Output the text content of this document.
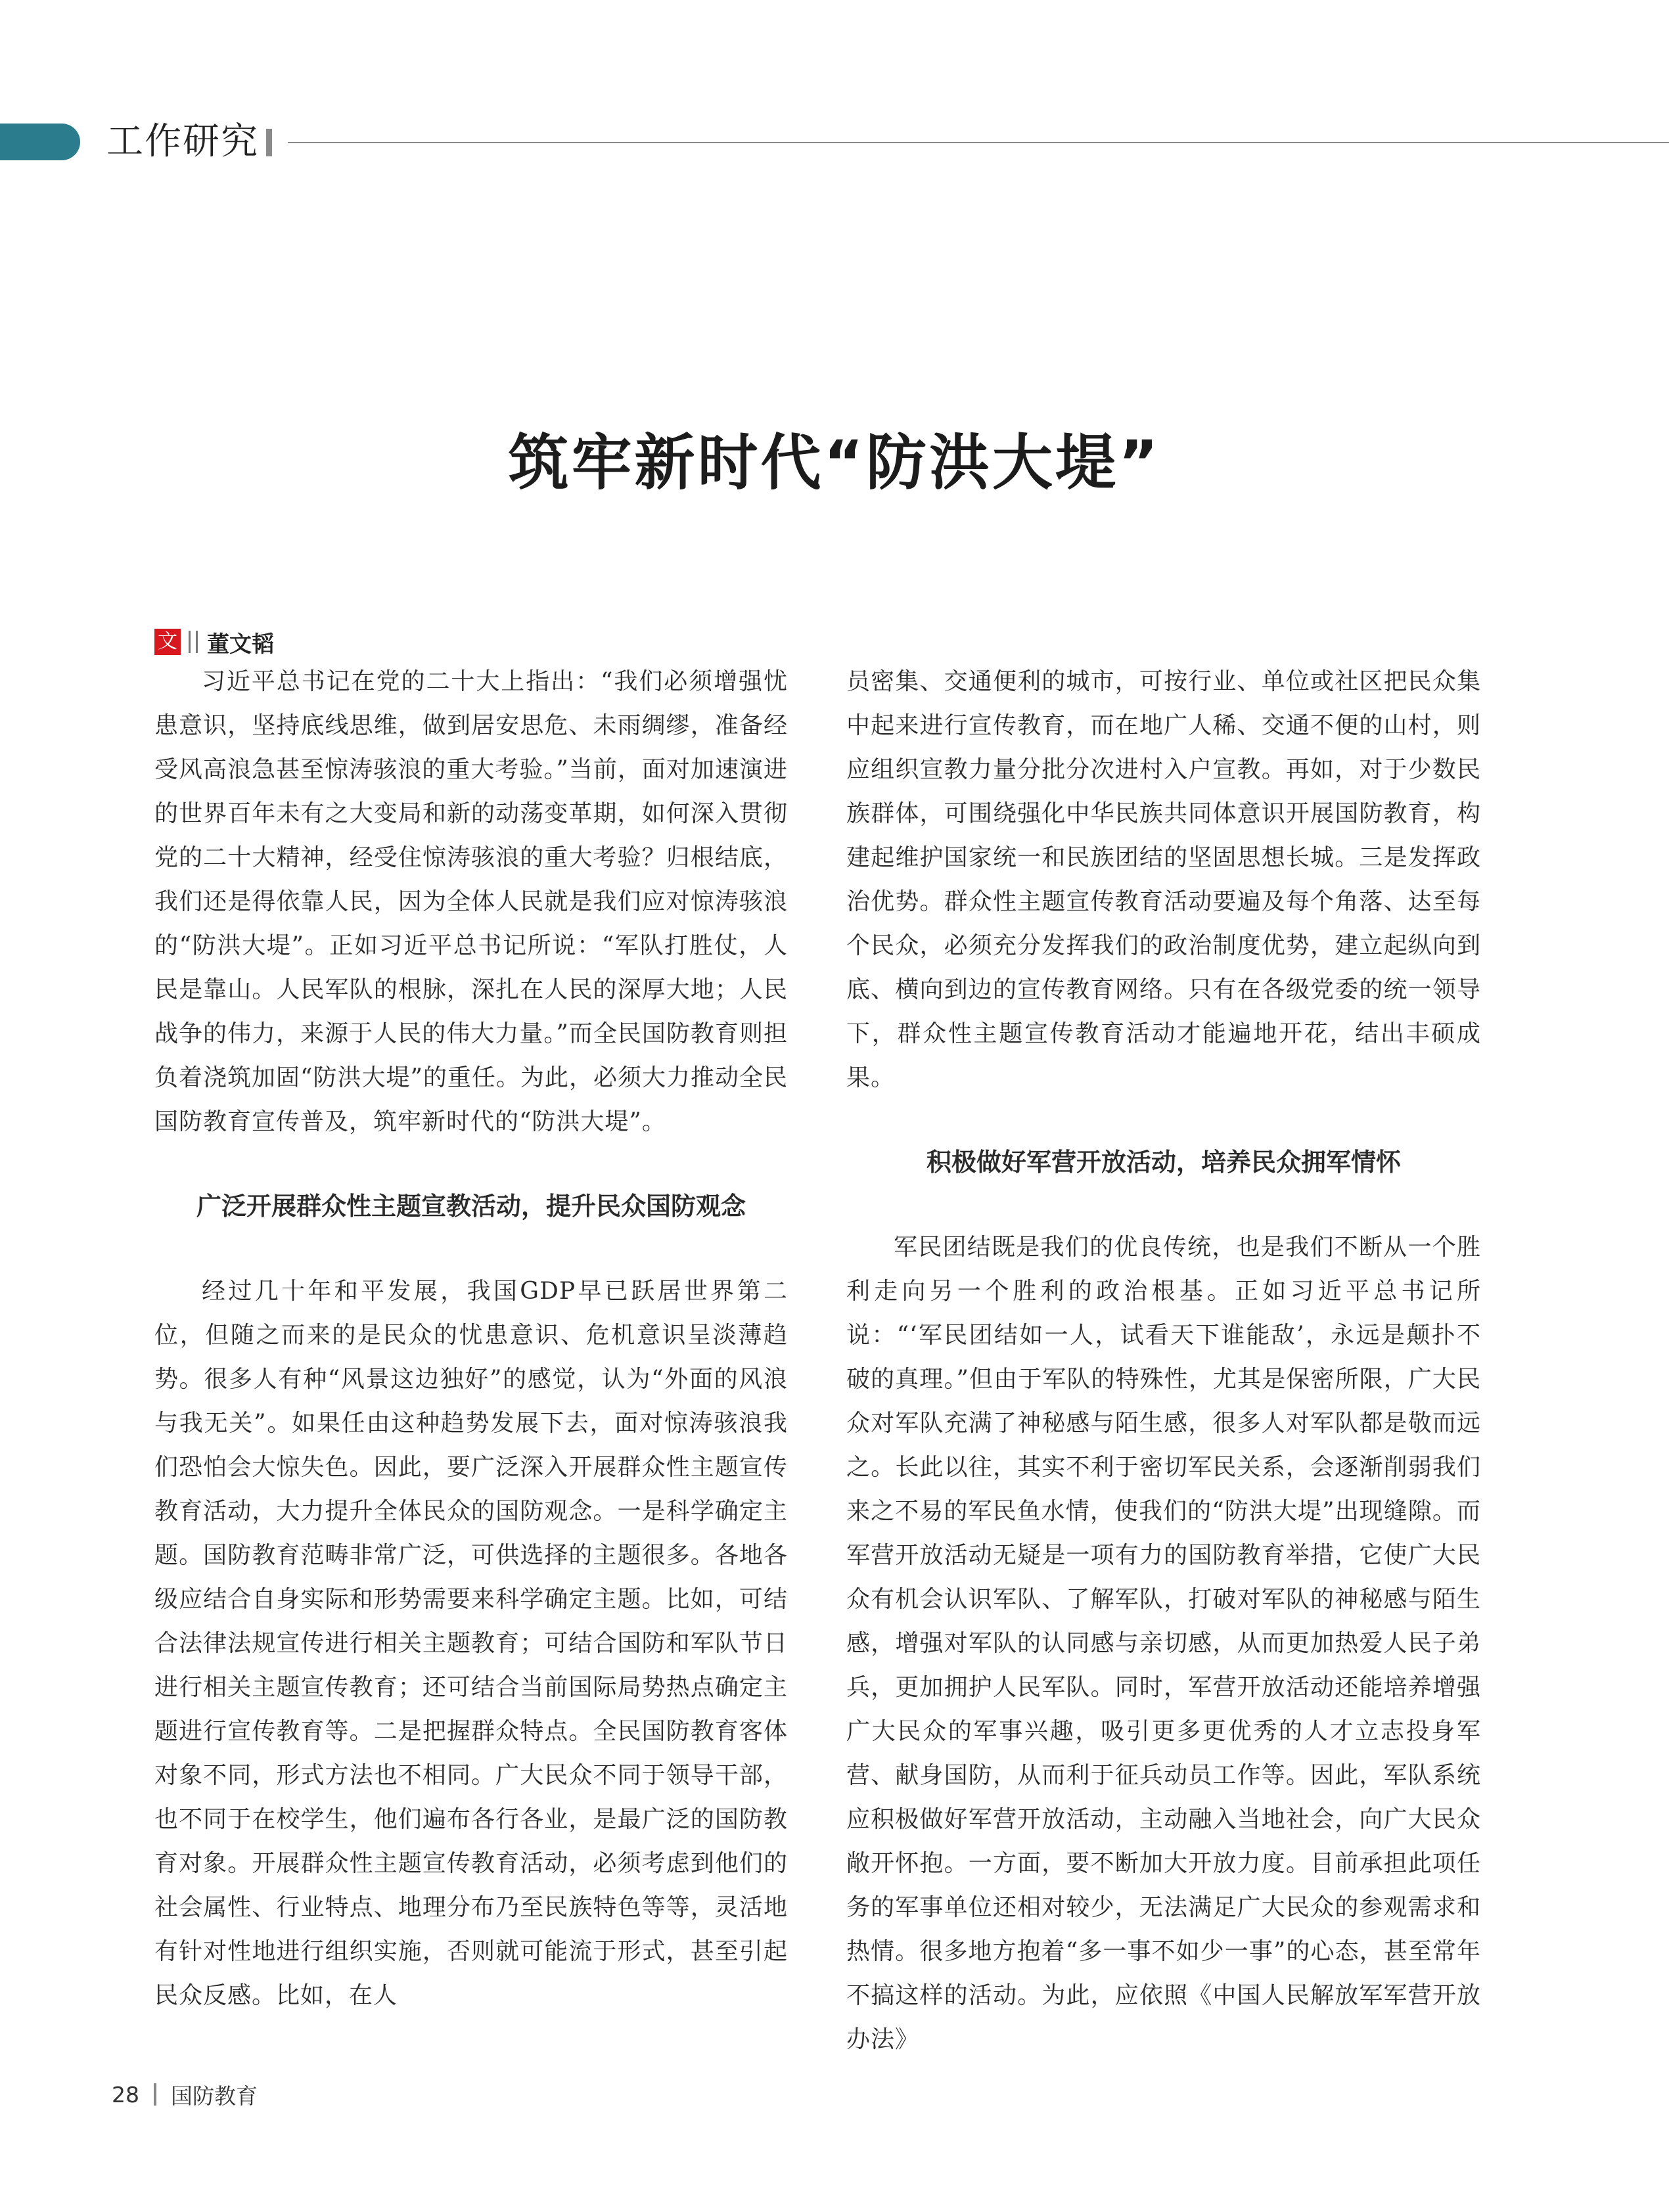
工作研究
筑牢新时代“防洪大堤”
文 董文韬

习近平总书记在党的二十大上指出：“我们必须增强忧患意识，坚持底线思维，做到居安思危、未雨绸缪，准备经受风高浪急甚至惊涛骇浪的重大考验。”当前，面对加速演进的世界百年未有之大变局和新的动荡变革期，如何深入贯彻党的二十大精神，经受住惊涛骇浪的重大考验？归根结底，我们还是得依靠人民，因为全体人民就是我们应对惊涛骇浪的“防洪大堤”。正如习近平总书记所说：“军队打胜仗，人民是靠山。人民军队的根脉，深扎在人民的深厚大地；人民战争的伟力，来源于人民的伟大力量。”而全民国防教育则担负着浇筑加固“防洪大堤”的重任。为此，必须大力推动全民国防教育宣传普及，筑牢新时代的“防洪大堤”。

广泛开展群众性主题宣教活动，提升民众国防观念

经过几十年和平发展，我国GDP早已跃居世界第二位，但随之而来的是民众的忧患意识、危机意识呈淡薄趋势。很多人有种“风景这边独好”的感觉，认为“外面的风浪与我无关”。如果任由这种趋势发展下去，面对惊涛骇浪我们恐怕会大惊失色。因此，要广泛深入开展群众性主题宣传教育活动，大力提升全体民众的国防观念。一是科学确定主题。国防教育范畴非常广泛，可供选择的主题很多。各地各级应结合自身实际和形势需要来科学确定主题。比如，可结合法律法规宣传进行相关主题教育；可结合国防和军队节日进行相关主题宣传教育；还可结合当前国际局势热点确定主题进行宣传教育等。二是把握群众特点。全民国防教育客体对象不同，形式方法也不相同。广大民众不同于领导干部，也不同于在校学生，他们遍布各行各业，是最广泛的国防教育对象。开展群众性主题宣传教育活动，必须考虑到他们的社会属性、行业特点、地理分布乃至民族特色等等，灵活地有针对性地进行组织实施，否则就可能流于形式，甚至引起民众反感。比如，在人

员密集、交通便利的城市，可按行业、单位或社区把民众集中起来进行宣传教育，而在地广人稀、交通不便的山村，则应组织宣教力量分批分次进村入户宣教。再如，对于少数民族群体，可围绕强化中华民族共同体意识开展国防教育，构建起维护国家统一和民族团结的坚固思想长城。三是发挥政治优势。群众性主题宣传教育活动要遍及每个角落、达至每个民众，必须充分发挥我们的政治制度优势，建立起纵向到底、横向到边的宣传教育网络。只有在各级党委的统一领导下，群众性主题宣传教育活动才能遍地开花，结出丰硕成果。

积极做好军营开放活动，培养民众拥军情怀

军民团结既是我们的优良传统，也是我们不断从一个胜利走向另一个胜利的政治根基。正如习近平总书记所说：“‘军民团结如一人，试看天下谁能敌’，永远是颠扑不破的真理。”但由于军队的特殊性，尤其是保密所限，广大民众对军队充满了神秘感与陌生感，很多人对军队都是敬而远之。长此以往，其实不利于密切军民关系，会逐渐削弱我们来之不易的军民鱼水情，使我们的“防洪大堤”出现缝隙。而军营开放活动无疑是一项有力的国防教育举措，它使广大民众有机会认识军队、了解军队，打破对军队的神秘感与陌生感，增强对军队的认同感与亲切感，从而更加热爱人民子弟兵，更加拥护人民军队。同时，军营开放活动还能培养增强广大民众的军事兴趣，吸引更多更优秀的人才立志投身军营、献身国防，从而利于征兵动员工作等。因此，军队系统应积极做好军营开放活动，主动融入当地社会，向广大民众敞开怀抱。一方面，要不断加大开放力度。目前承担此项任务的军事单位还相对较少，无法满足广大民众的参观需求和热情。很多地方抱着“多一事不如少一事”的心态，甚至常年不搞这样的活动。为此，应依照《中国人民解放军军营开放办法》

28 国防教育
